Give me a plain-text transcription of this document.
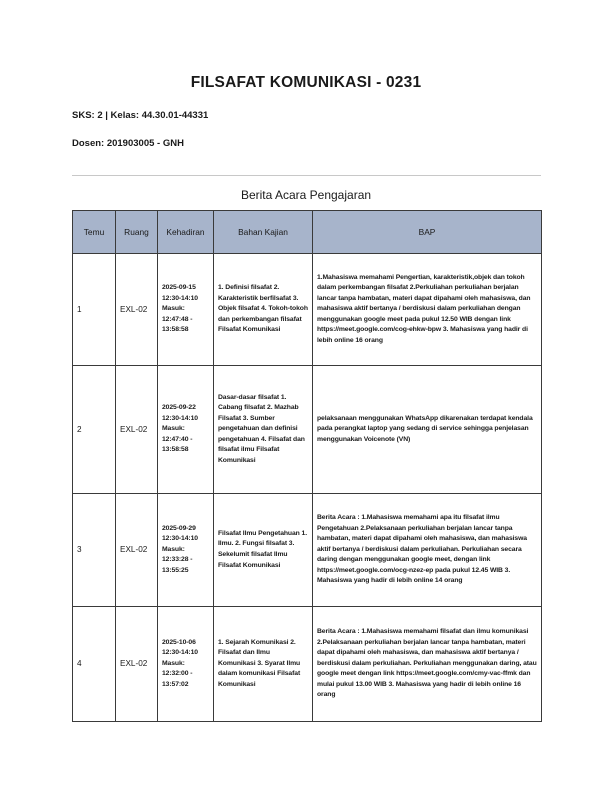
FILSAFAT KOMUNIKASI - 0231
SKS: 2 | Kelas: 44.30.01-44331
Dosen: 201903005 - GNH
Berita Acara Pengajaran
Temu	Ruang	Kehadiran	Bahan Kajian	BAP
1	EXL-02	2025-09-15 12:30-14:10 Masuk: 12:47:48 - 13:58:58	1. Definisi filsafat 2. Karakteristik berfilsafat 3. Objek filsafat 4. Tokoh-tokoh dan perkembangan filsafat Filsafat Komunikasi	1.Mahasiswa memahami Pengertian, karakteristik,objek dan tokoh dalam perkembangan filsafat 2.Perkuliahan perkuliahan berjalan lancar tanpa hambatan, materi dapat dipahami oleh mahasiswa, dan mahasiswa aktif bertanya / berdiskusi dalam perkuliahan dengan menggunakan google meet pada pukul 12.50 WIB dengan link https://meet.google.com/cog-ehkw-bpw 3. Mahasiswa yang hadir di lebih online 16 orang
2	EXL-02	2025-09-22 12:30-14:10 Masuk: 12:47:40 - 13:58:58	Dasar-dasar filsafat 1. Cabang filsafat 2. Mazhab Filsafat 3. Sumber pengetahuan dan definisi pengetahuan 4. Filsafat dan filsafat ilmu Filsafat Komunikasi	pelaksanaan menggunakan WhatsApp dikarenakan terdapat kendala pada perangkat laptop yang sedang di service sehingga penjelasan menggunakan Voicenote (VN)
3	EXL-02	2025-09-29 12:30-14:10 Masuk: 12:33:28 - 13:55:25	Filsafat Ilmu Pengetahuan 1. Ilmu. 2. Fungsi filsafat 3. Sekelumit filsafat Ilmu Filsafat Komunikasi	Berita Acara : 1.Mahasiswa memahami apa itu filsafat ilmu Pengetahuan 2.Pelaksanaan perkuliahan berjalan lancar tanpa hambatan, materi dapat dipahami oleh mahasiswa, dan mahasiswa aktif bertanya / berdiskusi dalam perkuliahan. Perkuliahan secara daring dengan menggunakan google meet, dengan link https://meet.google.com/ocg-nzez-ep pada pukul 12.45 WIB 3. Mahasiswa yang hadir di lebih online 14 orang
4	EXL-02	2025-10-06 12:30-14:10 Masuk: 12:32:00 - 13:57:02	1. Sejarah Komunikasi 2. Filsafat dan Ilmu Komunikasi 3. Syarat Ilmu dalam komunikasi Filsafat Komunikasi	Berita Acara : 1.Mahasiswa memahami filsafat dan ilmu komunikasi 2.Pelaksanaan perkuliahan berjalan lancar tanpa hambatan, materi dapat dipahami oleh mahasiswa, dan mahasiswa aktif bertanya / berdiskusi dalam perkuliahan. Perkuliahan menggunakan daring, atau google meet dengan link https://meet.google.com/cmy-vac-ffmk dan mulai pukul 13.00 WIB 3. Mahasiswa yang hadir di lebih online 16 orang
